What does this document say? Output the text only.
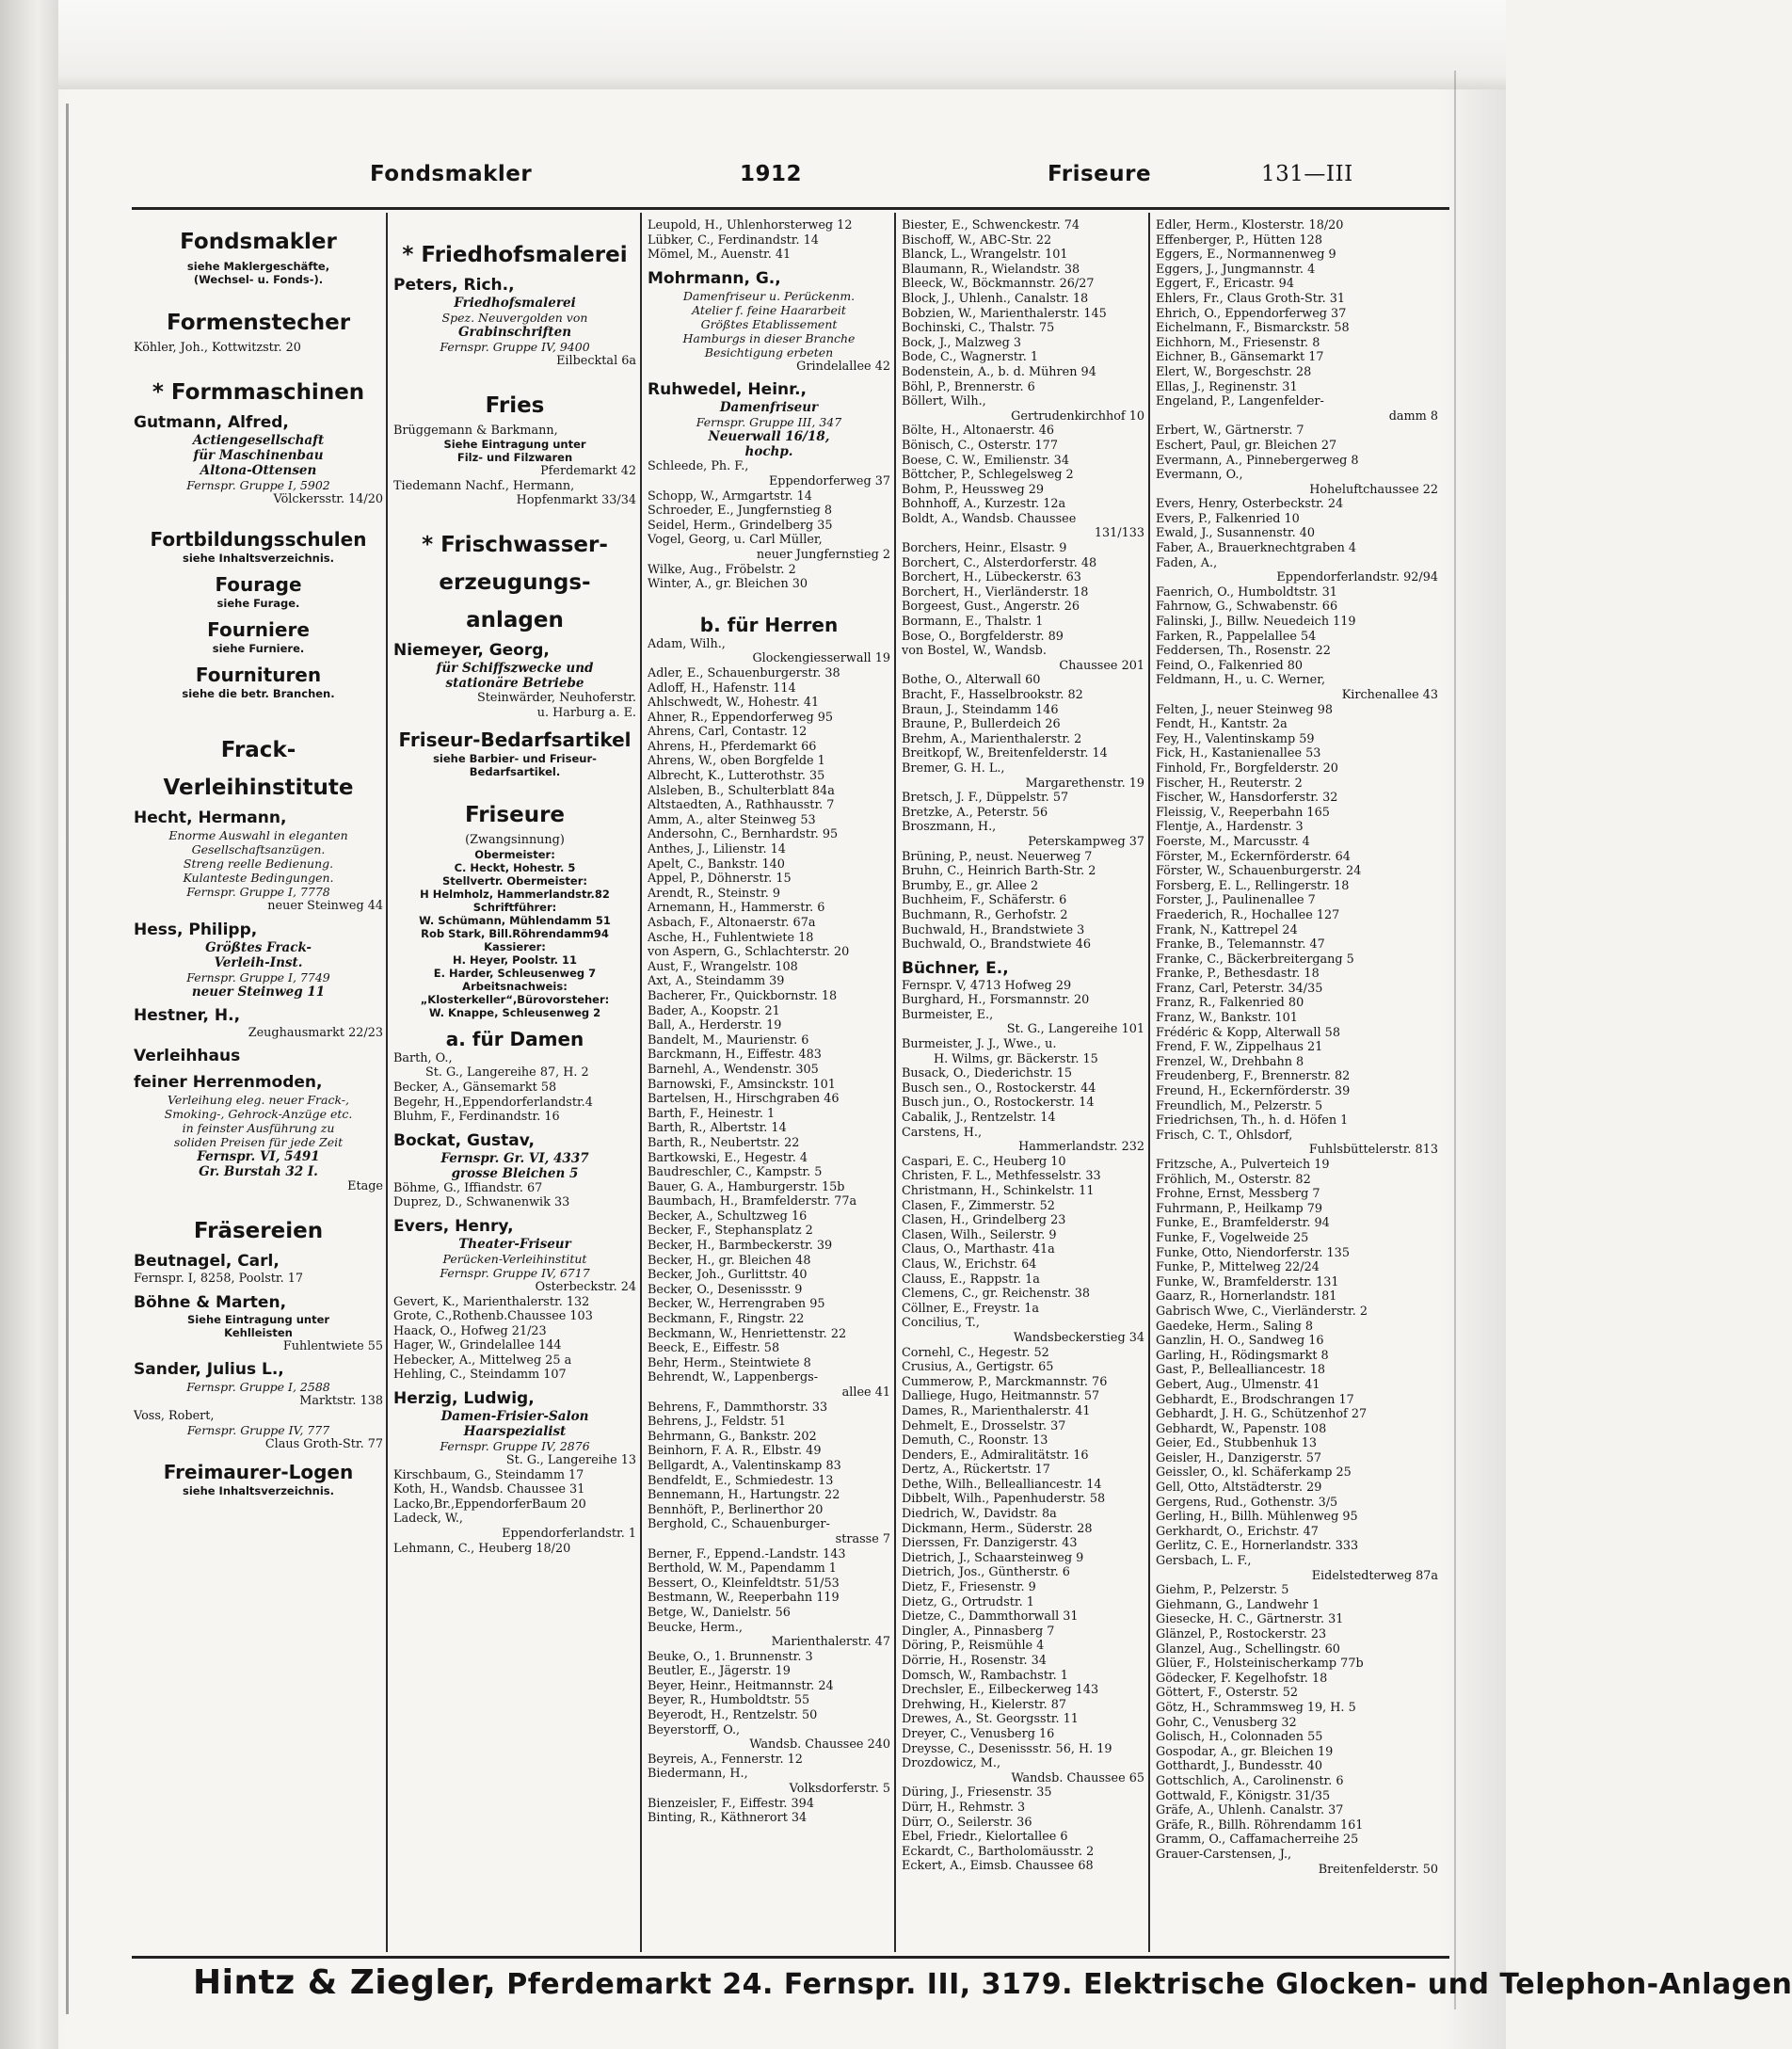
Fondsmakler	1912	Friseure	131—III
Fondsmakler
siehe Maklergeschäfte,
(Wechsel- u. Fonds-).
Formenstecher
Köhler, Joh., Kottwitzstr. 20
* Formmaschinen
Gutmann, Alfred,
Actiengesellschaft
für Maschinenbau
Altona-Ottensen
Fernspr. Gruppe I, 5902
Völckersstr. 14/20
Fortbildungsschulen
siehe Inhaltsverzeichnis.
Fourage
siehe Furage.
Fourniere
siehe Furniere.
Fournituren
siehe die betr. Branchen.
Frack-
Verleihinstitute
Hecht, Hermann,
Enorme Auswahl in eleganten
Gesellschaftsanzügen.
Streng reelle Bedienung.
Kulanteste Bedingungen.
Fernspr. Gruppe I, 7778
neuer Steinweg 44
Hess, Philipp,
Größtes Frack-
Verleih-Inst.
Fernspr. Gruppe I, 7749
neuer Steinweg 11
Hestner, H.,
Zeughausmarkt 22/23
Verleihhaus
feiner Herrenmoden,
Verleihung eleg. neuer Frack-,
Smoking-, Gehrock-Anzüge etc.
in feinster Ausführung zu
soliden Preisen für jede Zeit
Fernspr. VI, 5491
Gr. Burstah 32 I.
Etage
Fräsereien
Beutnagel, Carl,
Fernspr. I, 8258, Poolstr. 17
Böhne & Marten,
Siehe Eintragung unter
Kehlleisten
Fuhlentwiete 55
Sander, Julius L.,
Fernspr. Gruppe I, 2588
Marktstr. 138
Voss, Robert,
Fernspr. Gruppe IV, 777
Claus Groth-Str. 77
Freimaurer-Logen
siehe Inhaltsverzeichnis.
* Friedhofsmalerei
Peters, Rich.,
Friedhofsmalerei
Spez. Neuvergolden von
Grabinschriften
Fernspr. Gruppe IV, 9400
Eilbecktal 6a
Fries
Brüggemann & Barkmann,
Siehe Eintragung unter
Filz- und Filzwaren
Pferdemarkt 42
Tiedemann Nachf., Hermann,
Hopfenmarkt 33/34
* Frischwasser-
erzeugungs-
anlagen
Niemeyer, Georg,
für Schiffszwecke und
stationäre Betriebe
Steinwärder, Neuhoferstr.
u. Harburg a. E.
Friseur-Bedarfsartikel
siehe Barbier- und Friseur-
Bedarfsartikel.
Friseure
(Zwangsinnung)
Obermeister:
C. Heckt, Hohestr. 5
Stellvertr. Obermeister:
H Helmholz, Hammerlandstr.82
Schriftführer:
W. Schümann, Mühlendamm 51
Rob Stark, Bill.Röhrendamm94
Kassierer:
H. Heyer, Poolstr. 11
E. Harder, Schleusenweg 7
Arbeitsnachweis:
„Klosterkeller“,Bürovorsteher:
W. Knappe, Schleusenweg 2
a. für Damen
Barth, O.,
St. G., Langereihe 87, H. 2
Becker, A., Gänsemarkt 58
Begehr, H.,Eppendorferlandstr.4
Bluhm, F., Ferdinandstr. 16
Bockat, Gustav,
Fernspr. Gr. VI, 4337
grosse Bleichen 5
Böhme, G., Iffiandstr. 67
Duprez, D., Schwanenwik 33
Evers, Henry,
Theater-Friseur
Perücken-Verleihinstitut
Fernspr. Gruppe IV, 6717
Osterbeckstr. 24
Gevert, K., Marienthalerstr. 132
Grote, C.,Rothenb.Chaussee 103
Haack, O., Hofweg 21/23
Hager, W., Grindelallee 144
Hebecker, A., Mittelweg 25 a
Hehling, C., Steindamm 107
Herzig, Ludwig,
Damen-Frisier-Salon
Haarspezialist
Fernspr. Gruppe IV, 2876
St. G., Langereihe 13
Kirschbaum, G., Steindamm 17
Koth, H., Wandsb. Chaussee 31
Lacko,Br.,EppendorferBaum 20
Ladeck, W.,
Eppendorferlandstr. 1
Lehmann, C., Heuberg 18/20
Leupold, H., Uhlenhorsterweg 12
Lübker, C., Ferdinandstr. 14
Mömel, M., Auenstr. 41
Mohrmann, G.,
Damenfriseur u. Perückenm.
Atelier f. feine Haararbeit
Größtes Etablissement
Hamburgs in dieser Branche
Besichtigung erbeten
Grindelallee 42
Ruhwedel, Heinr.,
Damenfriseur
Fernspr. Gruppe III, 347
Neuerwall 16/18,
hochp.
Schleede, Ph. F.,
Eppendorferweg 37
Schopp, W., Armgartstr. 14
Schroeder, E., Jungfernstieg 8
Seidel, Herm., Grindelberg 35
Vogel, Georg, u. Carl Müller,
neuer Jungfernstieg 2
Wilke, Aug., Fröbelstr. 2
Winter, A., gr. Bleichen 30
b. für Herren
Adam, Wilh.,
Glockengiesserwall 19
Adler, E., Schauenburgerstr. 38
Adloff, H., Hafenstr. 114
Ahlschwedt, W., Hohestr. 41
Ahner, R., Eppendorferweg 95
Ahrens, Carl, Contastr. 12
Ahrens, H., Pferdemarkt 66
Ahrens, W., oben Borgfelde 1
Albrecht, K., Lutterothstr. 35
Alsleben, B., Schulterblatt 84a
Altstaedten, A., Rathhausstr. 7
Amm, A., alter Steinweg 53
Andersohn, C., Bernhardstr. 95
Anthes, J., Lilienstr. 14
Apelt, C., Bankstr. 140
Appel, P., Döhnerstr. 15
Arendt, R., Steinstr. 9
Arnemann, H., Hammerstr. 6
Asbach, F., Altonaerstr. 67a
Asche, H., Fuhlentwiete 18
von Aspern, G., Schlachterstr. 20
Aust, F., Wrangelstr. 108
Axt, A., Steindamm 39
Bacherer, Fr., Quickbornstr. 18
Bader, A., Koopstr. 21
Ball, A., Herderstr. 19
Bandelt, M., Maurienstr. 6
Barckmann, H., Eiffestr. 483
Barnehl, A., Wendenstr. 305
Barnowski, F., Amsinckstr. 101
Bartelsen, H., Hirschgraben 46
Barth, F., Heinestr. 1
Barth, R., Albertstr. 14
Barth, R., Neubertstr. 22
Bartkowski, E., Hegestr. 4
Baudreschler, C., Kampstr. 5
Bauer, G. A., Hamburgerstr. 15b
Baumbach, H., Bramfelderstr. 77a
Becker, A., Schultzweg 16
Becker, F., Stephansplatz 2
Becker, H., Barmbeckerstr. 39
Becker, H., gr. Bleichen 48
Becker, Joh., Gurlittstr. 40
Becker, O., Desenissstr. 9
Becker, W., Herrengraben 95
Beckmann, F., Ringstr. 22
Beckmann, W., Henriettenstr. 22
Beeck, E., Eiffestr. 58
Behr, Herm., Steintwiete 8
Behrendt, W., Lappenbergs-
allee 41
Behrens, F., Dammthorstr. 33
Behrens, J., Feldstr. 51
Behrmann, G., Bankstr. 202
Beinhorn, F. A. R., Elbstr. 49
Bellgardt, A., Valentinskamp 83
Bendfeldt, E., Schmiedestr. 13
Bennemann, H., Hartungstr. 22
Bennhöft, P., Berlinerthor 20
Berghold, C., Schauenburger-
strasse 7
Berner, F., Eppend.-Landstr. 143
Berthold, W. M., Papendamm 1
Bessert, O., Kleinfeldtstr. 51/53
Bestmann, W., Reeperbahn 119
Betge, W., Danielstr. 56
Beucke, Herm.,
Marienthalerstr. 47
Beuke, O., 1. Brunnenstr. 3
Beutler, E., Jägerstr. 19
Beyer, Heinr., Heitmannstr. 24
Beyer, R., Humboldtstr. 55
Beyerodt, H., Rentzelstr. 50
Beyerstorff, O.,
Wandsb. Chaussee 240
Beyreis, A., Fennerstr. 12
Biedermann, H.,
Volksdorferstr. 5
Bienzeisler, F., Eiffestr. 394
Binting, R., Käthnerort 34
Biester, E., Schwenckestr. 74
Bischoff, W., ABC-Str. 22
Blanck, L., Wrangelstr. 101
Blaumann, R., Wielandstr. 38
Bleeck, W., Böckmannstr. 26/27
Block, J., Uhlenh., Canalstr. 18
Bobzien, W., Marienthalerstr. 145
Bochinski, C., Thalstr. 75
Bock, J., Malzweg 3
Bode, C., Wagnerstr. 1
Bodenstein, A., b. d. Mühren 94
Böhl, P., Brennerstr. 6
Böllert, Wilh.,
Gertrudenkirchhof 10
Bölte, H., Altonaerstr. 46
Bönisch, C., Osterstr. 177
Boese, C. W., Emilienstr. 34
Böttcher, P., Schlegelsweg 2
Bohm, P., Heussweg 29
Bohnhoff, A., Kurzestr. 12a
Boldt, A., Wandsb. Chaussee
131/133
Borchers, Heinr., Elsastr. 9
Borchert, C., Alsterdorferstr. 48
Borchert, H., Lübeckerstr. 63
Borchert, H., Vierländerstr. 18
Borgeest, Gust., Angerstr. 26
Bormann, E., Thalstr. 1
Bose, O., Borgfelderstr. 89
von Bostel, W., Wandsb.
Chaussee 201
Bothe, O., Alterwall 60
Bracht, F., Hasselbrookstr. 82
Braun, J., Steindamm 146
Braune, P., Bullerdeich 26
Brehm, A., Marienthalerstr. 2
Breitkopf, W., Breitenfelderstr. 14
Bremer, G. H. L.,
Margarethenstr. 19
Bretsch, J. F., Düppelstr. 57
Bretzke, A., Peterstr. 56
Broszmann, H.,
Peterskampweg 37
Brüning, P., neust. Neuerweg 7
Bruhn, C., Heinrich Barth-Str. 2
Brumby, E., gr. Allee 2
Buchheim, F., Schäferstr. 6
Buchmann, R., Gerhofstr. 2
Buchwald, H., Brandstwiete 3
Buchwald, O., Brandstwiete 46
Büchner, E.,
Fernspr. V, 4713 Hofweg 29
Burghard, H., Forsmannstr. 20
Burmeister, E.,
St. G., Langereihe 101
Burmeister, J. J., Wwe., u.
H. Wilms, gr. Bäckerstr. 15
Busack, O., Diederichstr. 15
Busch sen., O., Rostockerstr. 44
Busch jun., O., Rostockerstr. 14
Cabalik, J., Rentzelstr. 14
Carstens, H.,
Hammerlandstr. 232
Caspari, E. C., Heuberg 10
Christen, F. L., Methfesselstr. 33
Christmann, H., Schinkelstr. 11
Clasen, F., Zimmerstr. 52
Clasen, H., Grindelberg 23
Clasen, Wilh., Seilerstr. 9
Claus, O., Marthastr. 41a
Claus, W., Erichstr. 64
Clauss, E., Rappstr. 1a
Clemens, C., gr. Reichenstr. 38
Cöllner, E., Freystr. 1a
Concilius, T.,
Wandsbeckerstieg 34
Cornehl, C., Hegestr. 52
Crusius, A., Gertigstr. 65
Cummerow, P., Marckmannstr. 76
Dalliege, Hugo, Heitmannstr. 57
Dames, R., Marienthalerstr. 41
Dehmelt, E., Drosselstr. 37
Demuth, C., Roonstr. 13
Denders, E., Admiralitätstr. 16
Dertz, A., Rückertstr. 17
Dethe, Wilh., Bellealliancestr. 14
Dibbelt, Wilh., Papenhuderstr. 58
Diedrich, W., Davidstr. 8a
Dickmann, Herm., Süderstr. 28
Dierssen, Fr. Danzigerstr. 43
Dietrich, J., Schaarsteinweg 9
Dietrich, Jos., Güntherstr. 6
Dietz, F., Friesenstr. 9
Dietz, G., Ortrudstr. 1
Dietze, C., Dammthorwall 31
Dingler, A., Pinnasberg 7
Döring, P., Reismühle 4
Dörrie, H., Rosenstr. 34
Domsch, W., Rambachstr. 1
Drechsler, E., Eilbeckerweg 143
Drehwing, H., Kielerstr. 87
Drewes, A., St. Georgsstr. 11
Dreyer, C., Venusberg 16
Dreysse, C., Desenissstr. 56, H. 19
Drozdowicz, M.,
Wandsb. Chaussee 65
Düring, J., Friesenstr. 35
Dürr, H., Rehmstr. 3
Dürr, O., Seilerstr. 36
Ebel, Friedr., Kielortallee 6
Eckardt, C., Bartholomäusstr. 2
Eckert, A., Eimsb. Chaussee 68
Edler, Herm., Klosterstr. 18/20
Effenberger, P., Hütten 128
Eggers, E., Normannenweg 9
Eggers, J., Jungmannstr. 4
Eggert, F., Ericastr. 94
Ehlers, Fr., Claus Groth-Str. 31
Ehrich, O., Eppendorferweg 37
Eichelmann, F., Bismarckstr. 58
Eichhorn, M., Friesenstr. 8
Eichner, B., Gänsemarkt 17
Elert, W., Borgeschstr. 28
Ellas, J., Reginenstr. 31
Engeland, P., Langenfelder-
damm 8
Erbert, W., Gärtnerstr. 7
Eschert, Paul, gr. Bleichen 27
Evermann, A., Pinnebergerweg 8
Evermann, O.,
Hoheluftchaussee 22
Evers, Henry, Osterbeckstr. 24
Evers, P., Falkenried 10
Ewald, J., Susannenstr. 40
Faber, A., Brauerknechtgraben 4
Faden, A.,
Eppendorferlandstr. 92/94
Faenrich, O., Humboldtstr. 31
Fahrnow, G., Schwabenstr. 66
Falinski, J., Billw. Neuedeich 119
Farken, R., Pappelallee 54
Feddersen, Th., Rosenstr. 22
Feind, O., Falkenried 80
Feldmann, H., u. C. Werner,
Kirchenallee 43
Felten, J., neuer Steinweg 98
Fendt, H., Kantstr. 2a
Fey, H., Valentinskamp 59
Fick, H., Kastanienallee 53
Finhold, Fr., Borgfelderstr. 20
Fischer, H., Reuterstr. 2
Fischer, W., Hansdorferstr. 32
Fleissig, V., Reeperbahn 165
Flentje, A., Hardenstr. 3
Foerste, M., Marcusstr. 4
Förster, M., Eckernförderstr. 64
Förster, W., Schauenburgerstr. 24
Forsberg, E. L., Rellingerstr. 18
Forster, J., Paulinenallee 7
Fraederich, R., Hochallee 127
Frank, N., Kattrepel 24
Franke, B., Telemannstr. 47
Franke, C., Bäckerbreitergang 5
Franke, P., Bethesdastr. 18
Franz, Carl, Peterstr. 34/35
Franz, R., Falkenried 80
Franz, W., Bankstr. 101
Frédéric & Kopp, Alterwall 58
Frend, F. W., Zippelhaus 21
Frenzel, W., Drehbahn 8
Freudenberg, F., Brennerstr. 82
Freund, H., Eckernförderstr. 39
Freundlich, M., Pelzerstr. 5
Friedrichsen, Th., h. d. Höfen 1
Frisch, C. T., Ohlsdorf,
Fuhlsbüttelerstr. 813
Fritzsche, A., Pulverteich 19
Fröhlich, M., Osterstr. 82
Frohne, Ernst, Messberg 7
Fuhrmann, P., Heilkamp 79
Funke, E., Bramfelderstr. 94
Funke, F., Vogelweide 25
Funke, Otto, Niendorferstr. 135
Funke, P., Mittelweg 22/24
Funke, W., Bramfelderstr. 131
Gaarz, R., Hornerlandstr. 181
Gabrisch Wwe, C., Vierländerstr. 2
Gaedeke, Herm., Saling 8
Ganzlin, H. O., Sandweg 16
Garling, H., Rödingsmarkt 8
Gast, P., Bellealliancestr. 18
Gebert, Aug., Ulmenstr. 41
Gebhardt, E., Brodschrangen 17
Gebhardt, J. H. G., Schützenhof 27
Gebhardt, W., Papenstr. 108
Geier, Ed., Stubbenhuk 13
Geisler, H., Danzigerstr. 57
Geissler, O., kl. Schäferkamp 25
Gell, Otto, Altstädterstr. 29
Gergens, Rud., Gothenstr. 3/5
Gerling, H., Billh. Mühlenweg 95
Gerkhardt, O., Erichstr. 47
Gerlitz, C. E., Hornerlandstr. 333
Gersbach, L. F.,
Eidelstedterweg 87a
Giehm, P., Pelzerstr. 5
Giehmann, G., Landwehr 1
Giesecke, H. C., Gärtnerstr. 31
Glänzel, P., Rostockerstr. 23
Glanzel, Aug., Schellingstr. 60
Glüer, F., Holsteinischerkamp 77b
Gödecker, F. Kegelhofstr. 18
Göttert, F., Osterstr. 52
Götz, H., Schrammsweg 19, H. 5
Gohr, C., Venusberg 32
Golisch, H., Colonnaden 55
Gospodar, A., gr. Bleichen 19
Gotthardt, J., Bundesstr. 40
Gottschlich, A., Carolinenstr. 6
Gottwald, F., Königstr. 31/35
Gräfe, A., Uhlenh. Canalstr. 37
Gräfe, R., Billh. Röhrendamm 161
Gramm, O., Caffamacherreihe 25
Grauer-Carstensen, J.,
Breitenfelderstr. 50
Hintz & Ziegler, Pferdemarkt 24. Fernspr. III, 3179. Elektrische Glocken- und Telephon-Anlagen
